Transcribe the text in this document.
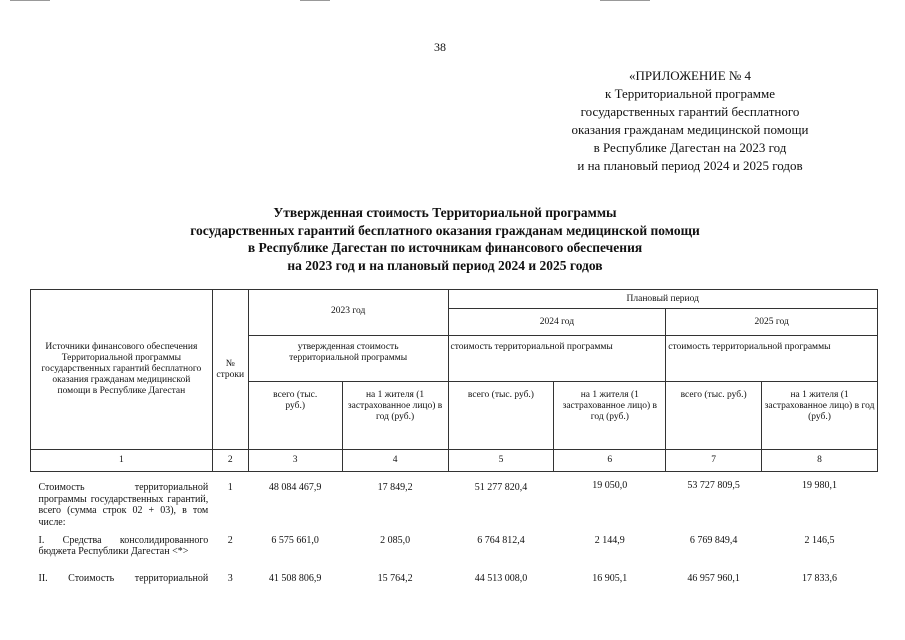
38
«ПРИЛОЖЕНИЕ № 4
к Территориальной программе
государственных гарантий бесплатного
оказания гражданам медицинской помощи
в Республике Дагестан на 2023 год
и на плановый период 2024 и 2025 годов
Утвержденная стоимость Территориальной программы
государственных гарантий бесплатного оказания гражданам медицинской помощи
в Республике Дагестан по источникам финансового обеспечения
на 2023 год и на плановый период 2024 и 2025 годов
Источники финансового обеспечения Территориальной программы государственных гарантий бесплатного оказания гражданам медицинской помощи в Республике Дагестан	№ строки	2023 год		Плановый период			
				2024 год		2025 год	
		утвержденная стоимость территориальной программы		стоимость территориальной программы		стоимость территориальной программы	
		всего (тыс. руб.)	на 1 жителя (1 застрахованное лицо) в год (руб.)	всего (тыс. руб.)	на 1 жителя (1 застрахованное лицо) в год (руб.)	всего (тыс. руб.)	на 1 жителя (1 застрахованное лицо) в год (руб.)

1	2	3	4	5	6	7	8
Стоимость территориальной программы государственных гарантий, всего (сумма строк 02 + 03), в том числе:	1	48 084 467,9	17 849,2	51 277 820,4	19 050,0	53 727 809,5	19 980,1
I. Средства консолидированного бюджета Республики Дагестан <*>	2	6 575 661,0	2 085,0	6 764 812,4	2 144,9	6 769 849,4	2 146,5
II. Стоимость территориальной	3	41 508 806,9	15 764,2	44 513 008,0	16 905,1	46 957 960,1	17 833,6
